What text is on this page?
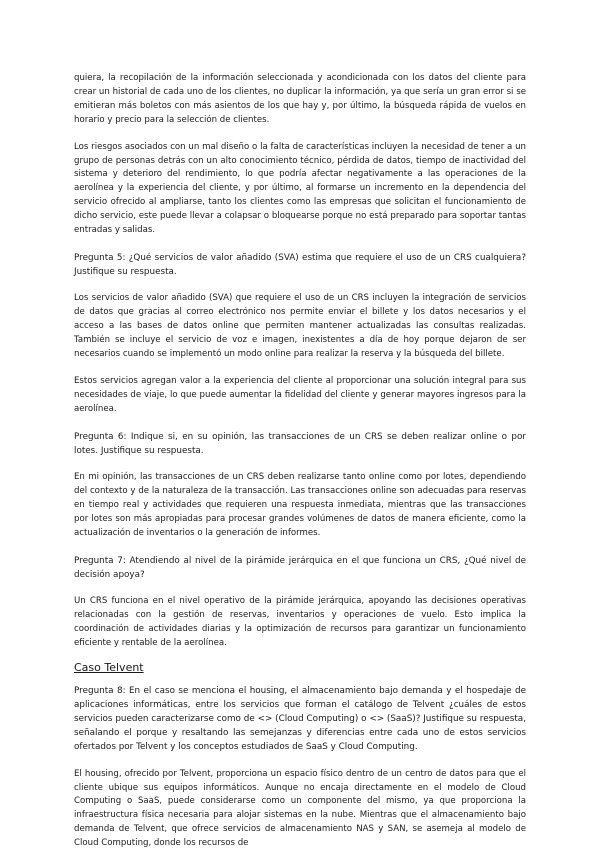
quiera, la recopilación de la información seleccionada y acondicionada con los datos del cliente para crear un historial de cada uno de los clientes, no duplicar la información, ya que sería un gran error si se emitieran más boletos con más asientos de los que hay y, por último, la búsqueda rápida de vuelos en horario y precio para la selección de clientes.

Los riesgos asociados con un mal diseño o la falta de características incluyen la necesidad de tener a un grupo de personas detrás con un alto conocimiento técnico, pérdida de datos, tiempo de inactividad del sistema y deterioro del rendimiento, lo que podría afectar negativamente a las operaciones de la aerolínea y la experiencia del cliente, y por último, al formarse un incremento en la dependencia del servicio ofrecido al ampliarse, tanto los clientes como las empresas que solicitan el funcionamiento de dicho servicio, este puede llevar a colapsar o bloquearse porque no está preparado para soportar tantas entradas y salidas.

Pregunta 5: ¿Qué servicios de valor añadido (SVA) estima que requiere el uso de un CRS cualquiera? Justifique su respuesta.

Los servicios de valor añadido (SVA) que requiere el uso de un CRS incluyen la integración de servicios de datos que gracias al correo electrónico nos permite enviar el billete y los datos necesarios y el acceso a las bases de datos online que permiten mantener actualizadas las consultas realizadas. También se incluye el servicio de voz e imagen, inexistentes a día de hoy porque dejaron de ser necesarios cuando se implementó un modo online para realizar la reserva y la búsqueda del billete.

Estos servicios agregan valor a la experiencia del cliente al proporcionar una solución integral para sus necesidades de viaje, lo que puede aumentar la fidelidad del cliente y generar mayores ingresos para la aerolínea.

Pregunta 6: Indique si, en su opinión, las transacciones de un CRS se deben realizar online o por lotes. Justifique su respuesta.

En mi opinión, las transacciones de un CRS deben realizarse tanto online como por lotes, dependiendo del contexto y de la naturaleza de la transacción. Las transacciones online son adecuadas para reservas en tiempo real y actividades que requieren una respuesta inmediata, mientras que las transacciones por lotes son más apropiadas para procesar grandes volúmenes de datos de manera eficiente, como la actualización de inventarios o la generación de informes.

Pregunta 7: Atendiendo al nivel de la pirámide jerárquica en el que funciona un CRS, ¿Qué nivel de decisión apoya?

Un CRS funciona en el nivel operativo de la pirámide jerárquica, apoyando las decisiones operativas relacionadas con la gestión de reservas, inventarios y operaciones de vuelo. Esto implica la coordinación de actividades diarias y la optimización de recursos para garantizar un funcionamiento eficiente y rentable de la aerolínea.

Caso Telvent

Pregunta 8: En el caso se menciona el housing, el almacenamiento bajo demanda y el hospedaje de aplicaciones informáticas, entre los servicios que forman el catálogo de Telvent ¿cuáles de estos servicios pueden caracterizarse como de <> (Cloud Computing) o <> (SaaS)? Justifique su respuesta, señalando el porque y resaltando las semejanzas y diferencias entre cada uno de estos servicios ofertados por Telvent y los conceptos estudiados de SaaS y Cloud Computing.

El housing, ofrecido por Telvent, proporciona un espacio físico dentro de un centro de datos para que el cliente ubique sus equipos informáticos. Aunque no encaja directamente en el modelo de Cloud Computing o SaaS, puede considerarse como un componente del mismo, ya que proporciona la infraestructura física necesaria para alojar sistemas en la nube. Mientras que el almacenamiento bajo demanda de Telvent, que ofrece servicios de almacenamiento NAS y SAN, se asemeja al modelo de Cloud Computing, donde los recursos de
